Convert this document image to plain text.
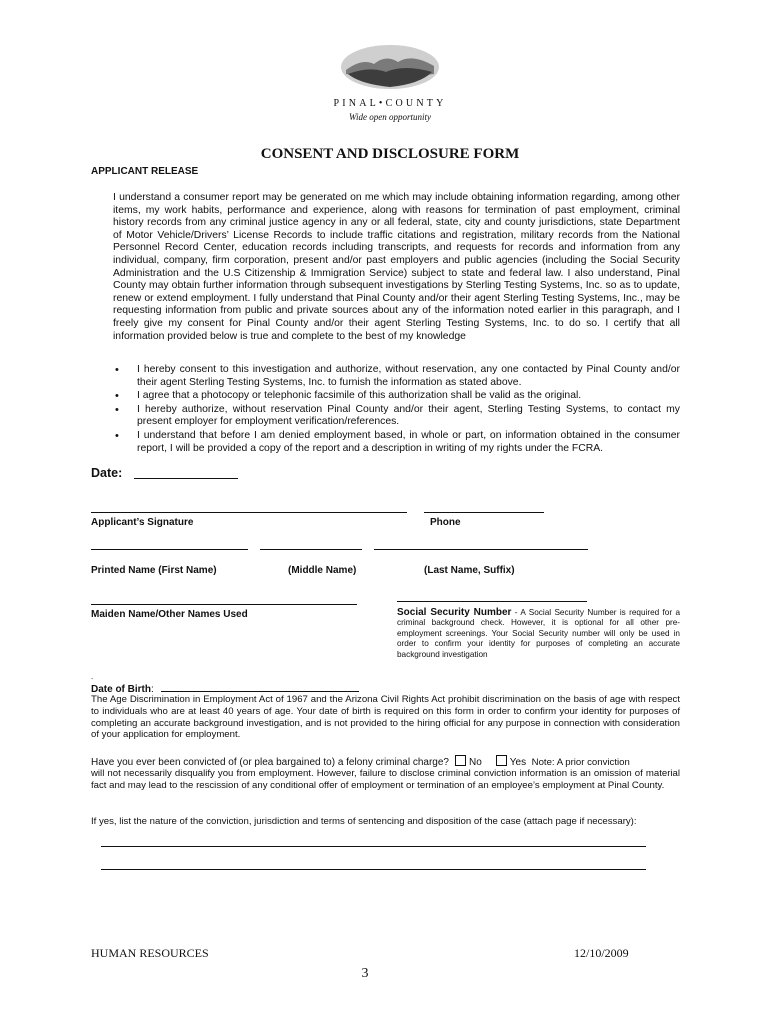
PINAL•COUNTY
Wide open opportunity
CONSENT AND DISCLOSURE FORM
APPLICANT RELEASE
I understand a consumer report may be generated on me which may include obtaining information regarding, among other items, my work habits, performance and experience, along with reasons for termination of past employment, criminal history records from any criminal justice agency in any or all federal, state, city and county jurisdictions, state Department of Motor Vehicle/Drivers’ License Records to include traffic citations and registration, military records from the National Personnel Record Center, education records including transcripts, and requests for records and information from any individual, company, firm corporation, present and/or past employers and public agencies (including the Social Security Administration and the U.S Citizenship & Immigration Service) subject to state and federal law. I also understand, Pinal County may obtain further information through subsequent investigations by Sterling Testing Systems, Inc. so as to update, renew or extend employment. I fully understand that Pinal County and/or their agent Sterling Testing Systems, Inc., may be requesting information from public and private sources about any of the information noted earlier in this paragraph, and I freely give my consent for Pinal County and/or their agent Sterling Testing Systems, Inc. to do so. I certify that all information provided below is true and complete to the best of my knowledge
• I hereby consent to this investigation and authorize, without reservation, any one contacted by Pinal County and/or their agent Sterling Testing Systems, Inc. to furnish the information as stated above.
• I agree that a photocopy or telephonic facsimile of this authorization shall be valid as the original.
• I hereby authorize, without reservation Pinal County and/or their agent, Sterling Testing Systems, to contact my present employer for employment verification/references.
• I understand that before I am denied employment based, in whole or part, on information obtained in the consumer report, I will be provided a copy of the report and a description in writing of my rights under the FCRA.
Date:
Applicant’s Signature	Phone
Printed Name (First Name)	(Middle Name)	(Last Name, Suffix)
Maiden Name/Other Names Used	Social Security Number - A Social Security Number is required for a criminal background check. However, it is optional for all other pre-employment screenings. Your Social Security number will only be used in order to confirm your identity for purposes of completing an accurate background investigation
.
Date of Birth:
The Age Discrimination in Employment Act of 1967 and the Arizona Civil Rights Act prohibit discrimination on the basis of age with respect to individuals who are at least 40 years of age. Your date of birth is required on this form in order to confirm your identity for purposes of completing an accurate background investigation, and is not provided to the hiring official for any purpose in connection with consideration of your application for employment.
Have you ever been convicted of (or plea bargained to) a felony criminal charge? No	Yes Note: A prior conviction
will not necessarily disqualify you from employment. However, failure to disclose criminal conviction information is an omission of material fact and may lead to the rescission of any conditional offer of employment or termination of an employee’s employment at Pinal County.
If yes, list the nature of the conviction, jurisdiction and terms of sentencing and disposition of the case (attach page if necessary):
HUMAN RESOURCES	12/10/2009
3
